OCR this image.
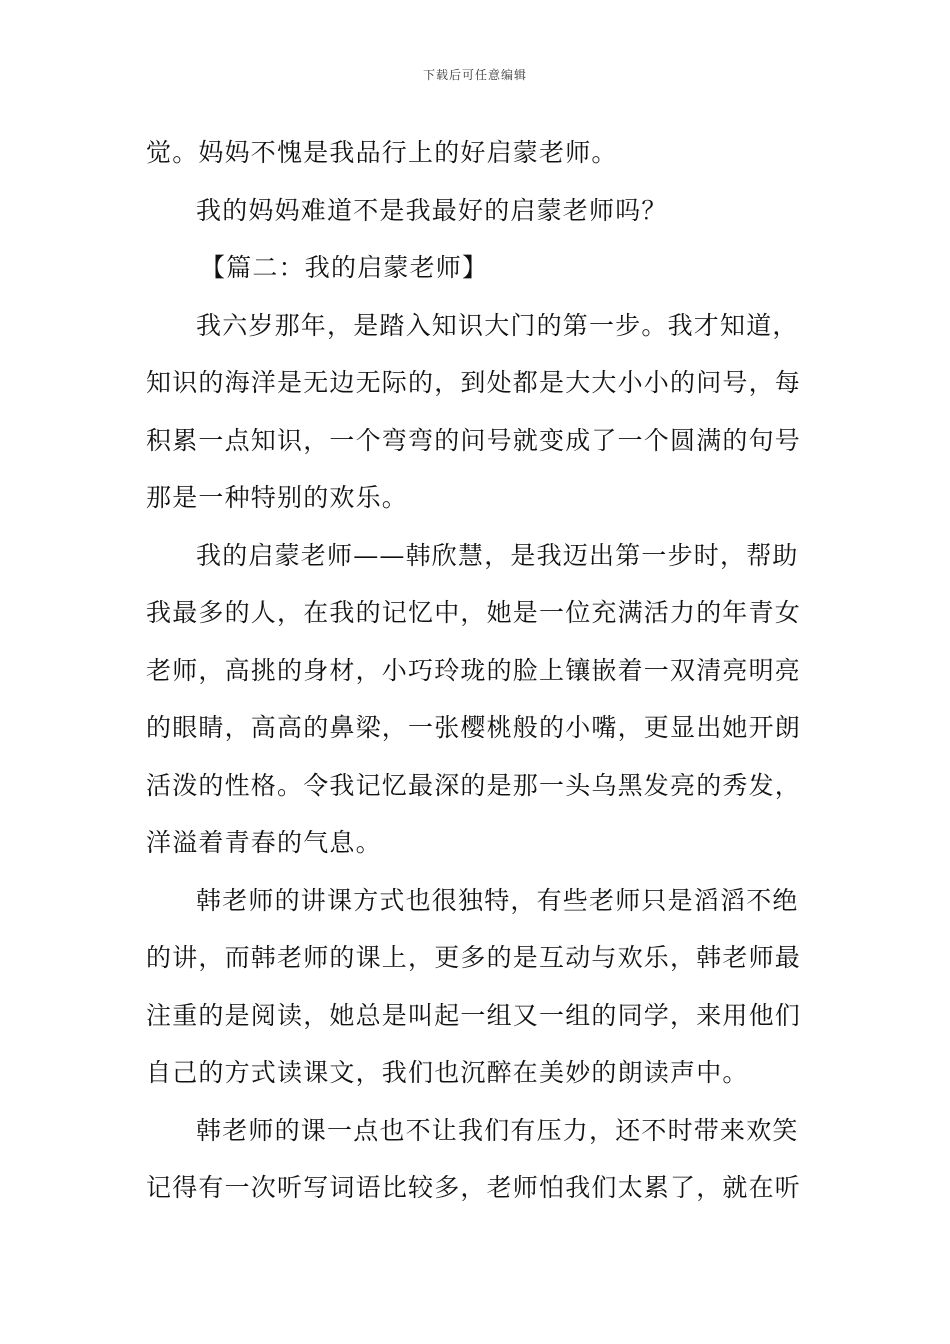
下载后可任意编辑
觉。妈妈不愧是我品行上的好启蒙老师。
我的妈妈难道不是我最好的启蒙老师吗？
【篇二：我的启蒙老师】
我六岁那年，是踏入知识大门的第一步。我才知道，
知识的海洋是无边无际的，到处都是大大小小的问号，每
积累一点知识，一个弯弯的问号就变成了一个圆满的句号
那是一种特别的欢乐。
我的启蒙老师——韩欣慧，是我迈出第一步时，帮助
我最多的人，在我的记忆中，她是一位充满活力的年青女
老师，高挑的身材，小巧玲珑的脸上镶嵌着一双清亮明亮
的眼睛，高高的鼻梁，一张樱桃般的小嘴，更显出她开朗
活泼的性格。令我记忆最深的是那一头乌黑发亮的秀发，
洋溢着青春的气息。
韩老师的讲课方式也很独特，有些老师只是滔滔不绝
的讲，而韩老师的课上，更多的是互动与欢乐，韩老师最
注重的是阅读，她总是叫起一组又一组的同学，来用他们
自己的方式读课文，我们也沉醉在美妙的朗读声中。
韩老师的课一点也不让我们有压力，还不时带来欢笑
记得有一次听写词语比较多，老师怕我们太累了，就在听
